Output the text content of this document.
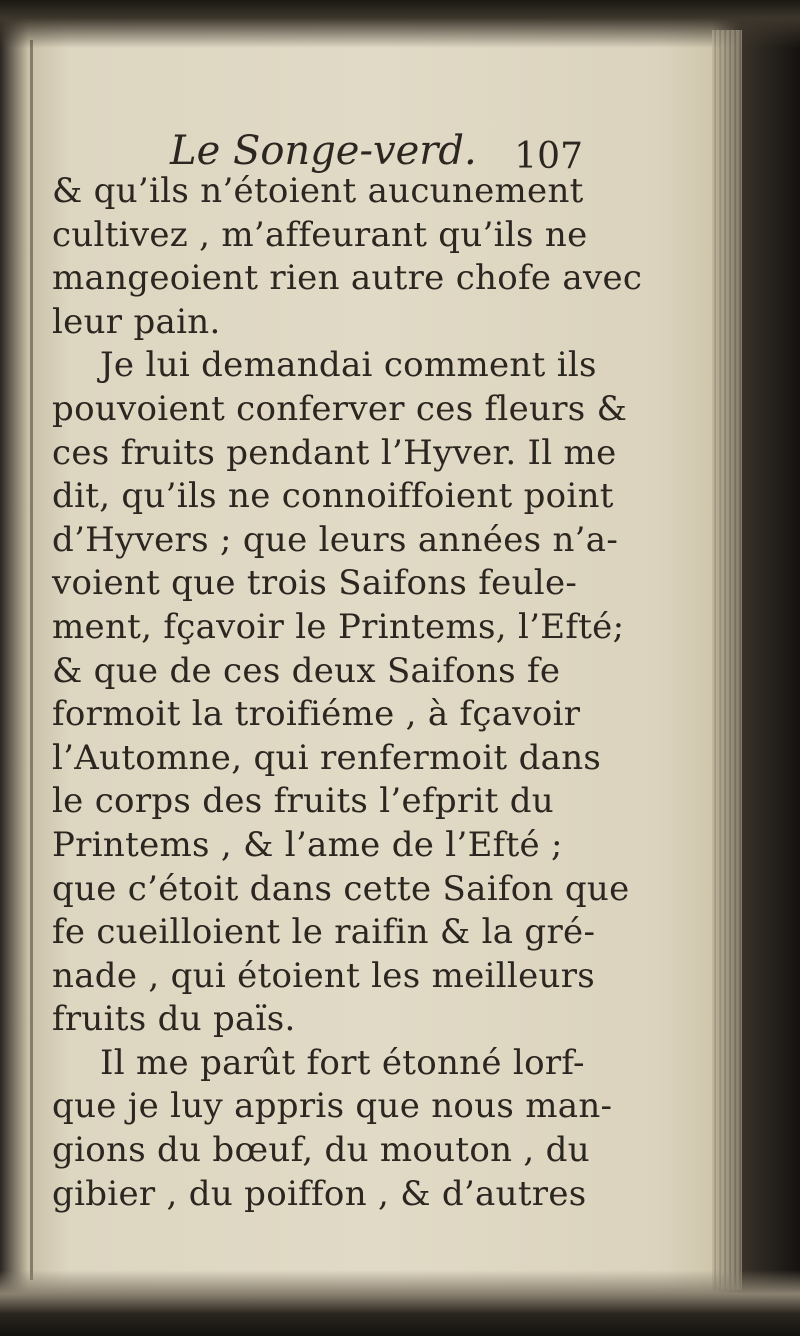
Le Songe-verd.	107
& qu’ils n’étoient aucunement
cultivez , m’affeurant qu’ils ne
mangeoient rien autre chofe avec
leur pain.
Je lui demandai comment ils
pouvoient conferver ces fleurs &
ces fruits pendant l’Hyver. Il me
dit, qu’ils ne connoiffoient point
d’Hyvers ; que leurs années n’a-
voient que trois Saifons feule-
ment, fçavoir le Printems, l’Efté;
& que de ces deux Saifons fe
formoit la troifiéme , à fçavoir
l’Automne, qui renfermoit dans
le corps des fruits l’efprit du
Printems , & l’ame de l’Efté ;
que c’étoit dans cette Saifon que
fe cueilloient le raifin & la gré-
nade , qui étoient les meilleurs
fruits du païs.
Il me parût fort étonné lorf-
que je luy appris que nous man-
gions du bœuf, du mouton , du
gibier , du poiffon , & d’autres
